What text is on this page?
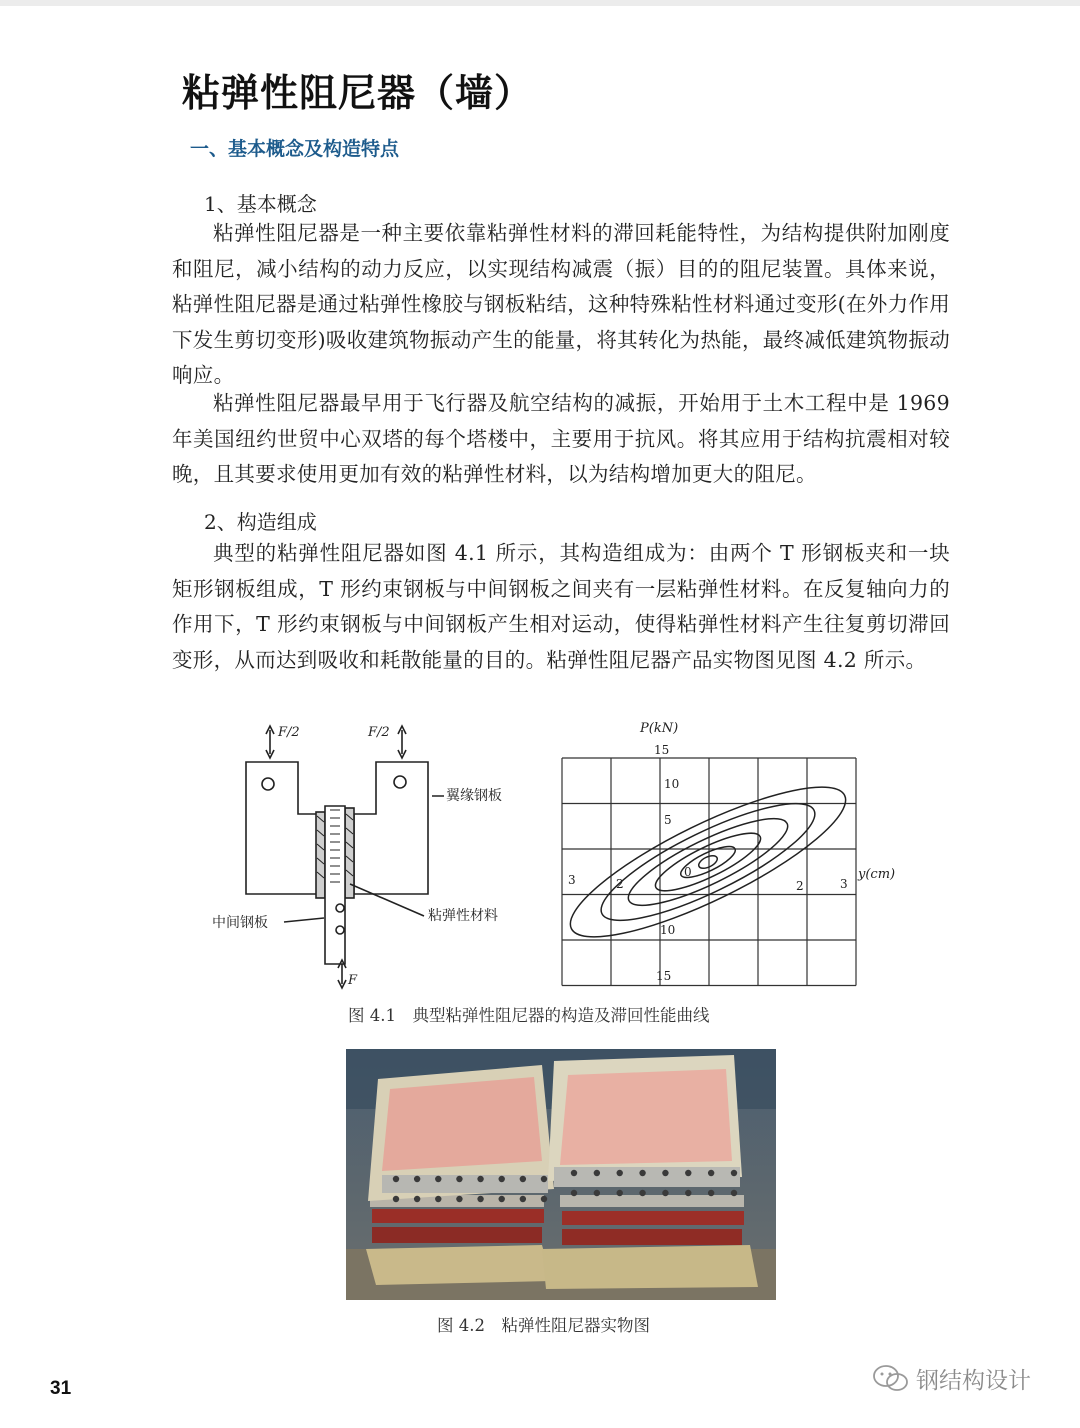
粘弹性阻尼器（墙）
一、基本概念及构造特点
1、基本概念

粘弹性阻尼器是一种主要依靠粘弹性材料的滞回耗能特性，为结构提供附加刚度和阻尼，减小结构的动力反应，以实现结构减震（振）目的的阻尼装置。具体来说，粘弹性阻尼器是通过粘弹性橡胶与钢板粘结，这种特殊粘性材料通过变形(在外力作用下发生剪切变形)吸收建筑物振动产生的能量，将其转化为热能，最终减低建筑物振动响应。

粘弹性阻尼器最早用于飞行器及航空结构的减振，开始用于土木工程中是 1969 年美国纽约世贸中心双塔的每个塔楼中，主要用于抗风。将其应用于结构抗震相对较晚，且其要求使用更加有效的粘弹性材料，以为结构增加更大的阻尼。

2、构造组成

典型的粘弹性阻尼器如图 4.1 所示，其构造组成为：由两个 T 形钢板夹和一块矩形钢板组成，T 形约束钢板与中间钢板之间夹有一层粘弹性材料。在反复轴向力的作用下，T 形约束钢板与中间钢板产生相对运动，使得粘弹性材料产生往复剪切滞回变形，从而达到吸收和耗散能量的目的。粘弹性阻尼器产品实物图见图 4.2 所示。

F/2	F/2
F
翼缘钢板
中间钢板	粘弹性材料
P(kN)
y(cm)
15
10
5
10
15
3	2	2	3
0
图 4.1　典型粘弹性阻尼器的构造及滞回性能曲线
图 4.2　粘弹性阻尼器实物图
31	钢结构设计
